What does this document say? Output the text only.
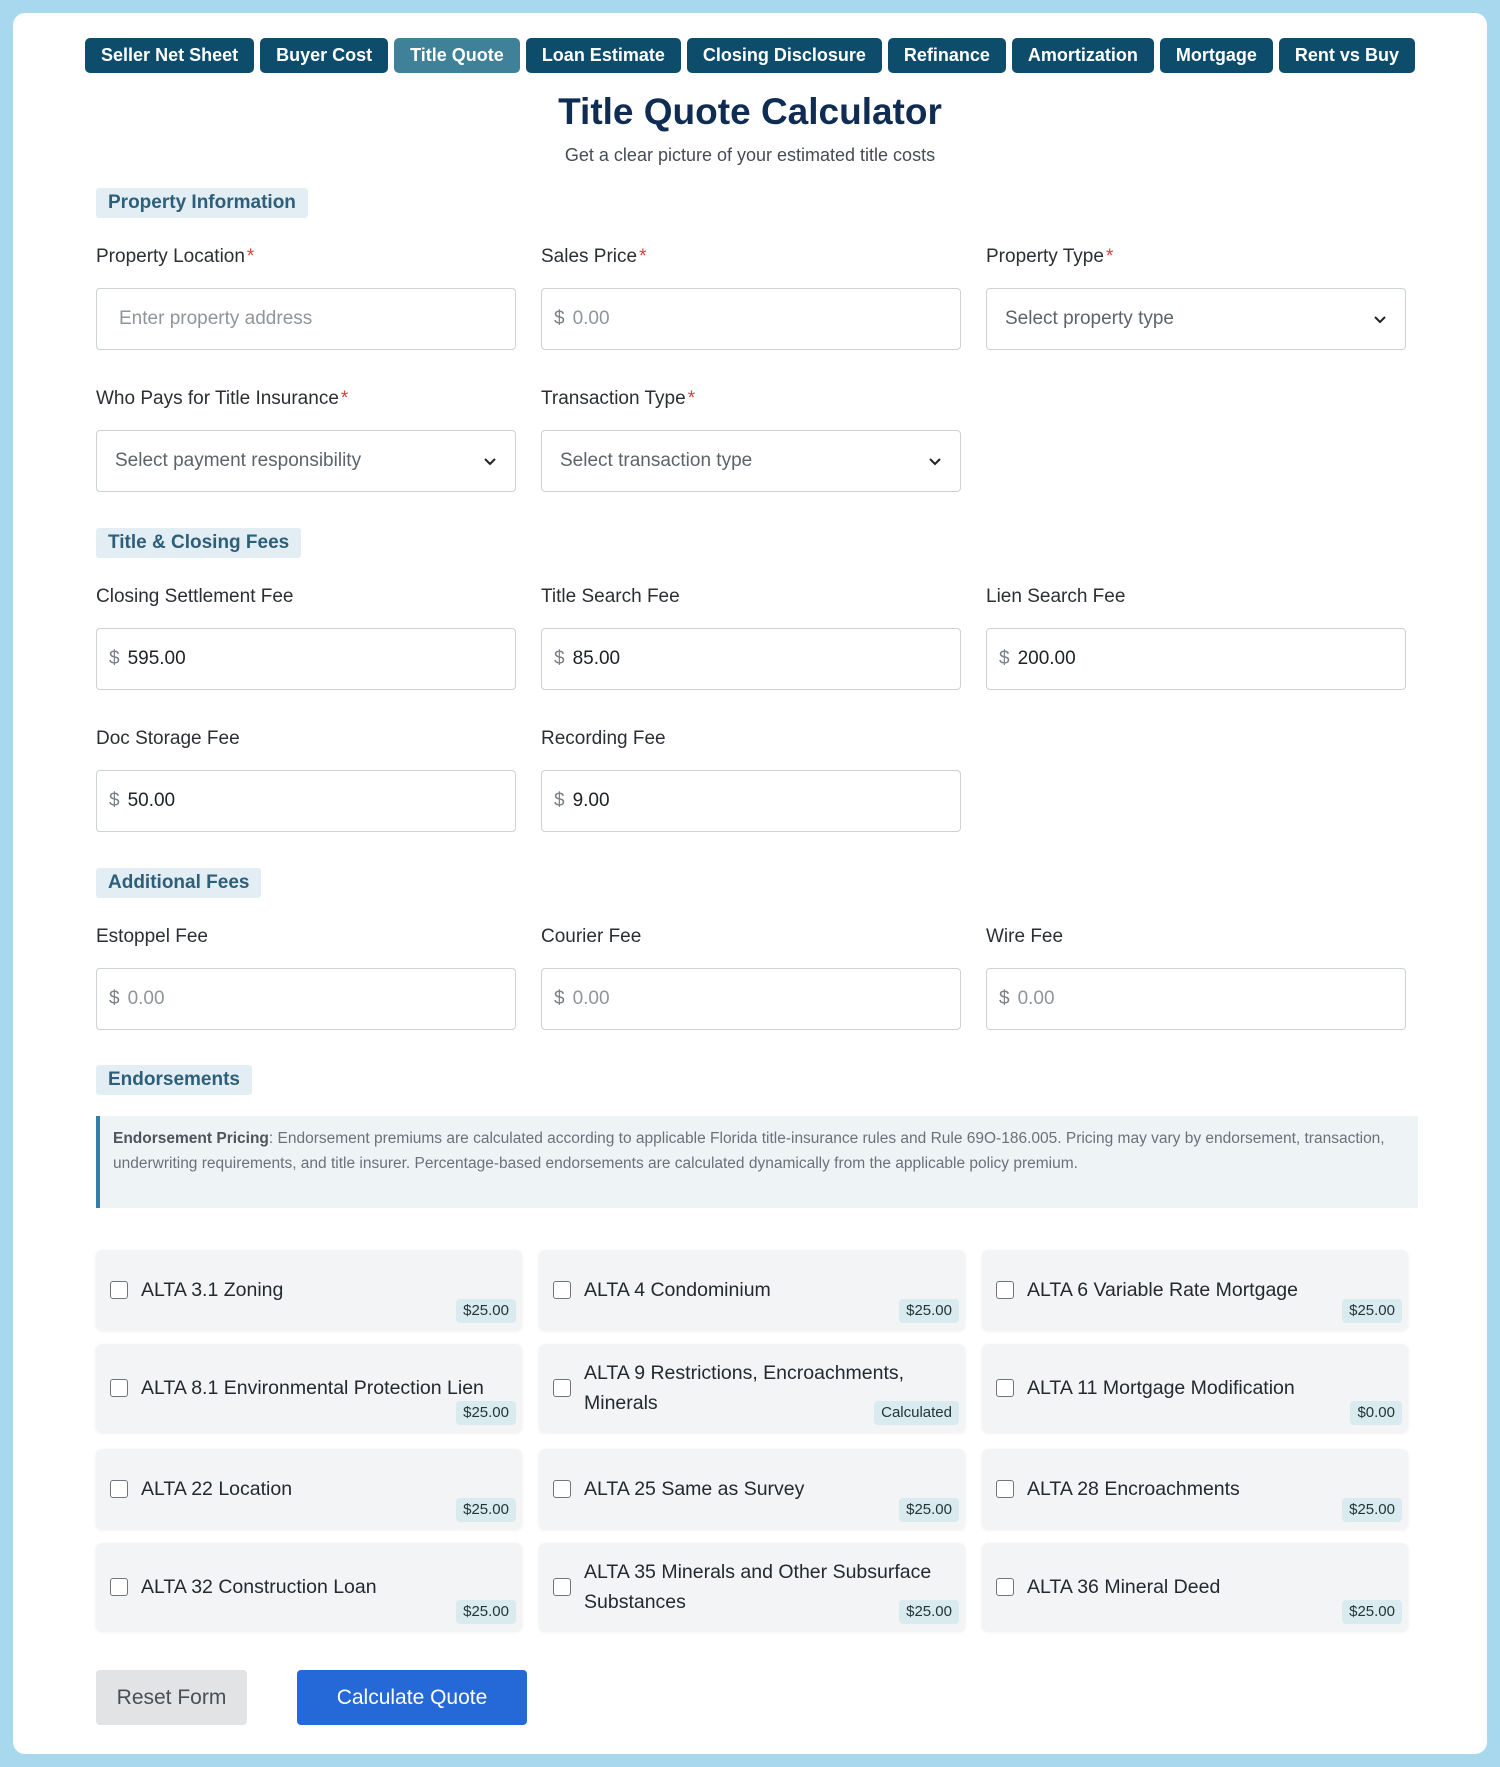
Seller Net Sheet	Buyer Cost	Title Quote	Loan Estimate	Closing Disclosure	Refinance	Amortization	Mortgage	Rent vs Buy
Title Quote Calculator
Get a clear picture of your estimated title costs
Property Information
Property Location *
Enter property address
Sales Price *
$ 0.00
Property Type *
Select property type
Who Pays for Title Insurance *
Select payment responsibility
Transaction Type *
Select transaction type
Title & Closing Fees
Closing Settlement Fee
$ 595.00
Title Search Fee
$ 85.00
Lien Search Fee
$ 200.00
Doc Storage Fee
$ 50.00
Recording Fee
$ 9.00
Additional Fees
Estoppel Fee
$ 0.00
Courier Fee
$ 0.00
Wire Fee
$ 0.00
Endorsements
Endorsement Pricing: Endorsement premiums are calculated according to applicable Florida title-insurance rules and Rule 69O-186.005. Pricing may vary by endorsement, transaction, underwriting requirements, and title insurer. Percentage-based endorsements are calculated dynamically from the applicable policy premium.
ALTA 3.1 Zoning
$25.00
ALTA 4 Condominium
$25.00
ALTA 6 Variable Rate Mortgage
$25.00
ALTA 8.1 Environmental Protection Lien
$25.00
ALTA 9 Restrictions, Encroachments, Minerals	Calculated
ALTA 11 Mortgage Modification
$0.00
ALTA 22 Location
$25.00
ALTA 25 Same as Survey
$25.00
ALTA 28 Encroachments
$25.00
ALTA 32 Construction Loan
$25.00
ALTA 35 Minerals and Other Subsurface Substances	$25.00
ALTA 36 Mineral Deed
$25.00
Reset Form	Calculate Quote
